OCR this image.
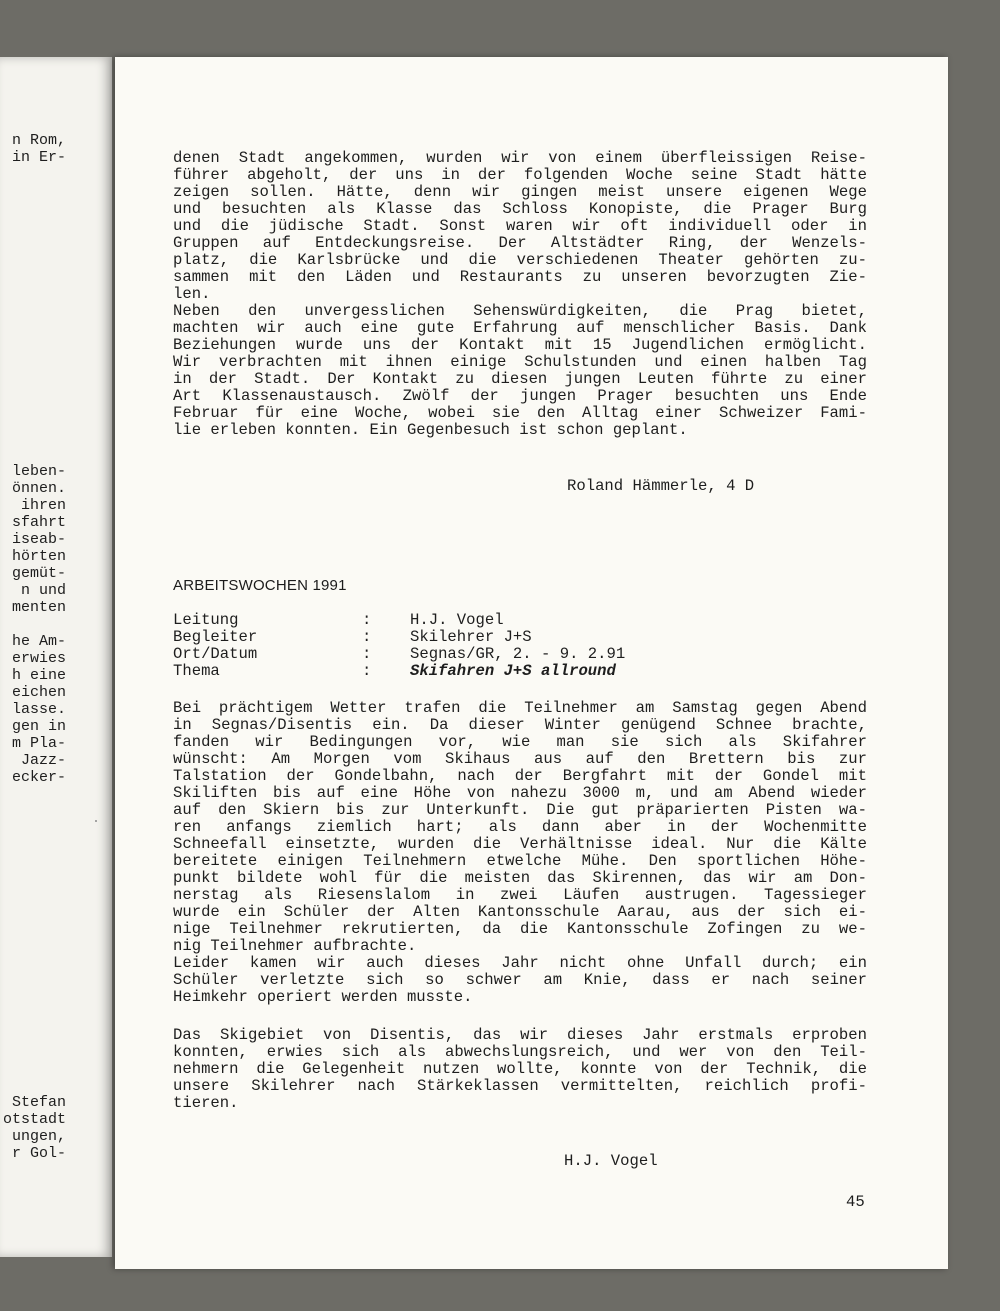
n Rom,
in Er-
leben-
önnen.
ihren
sfahrt
iseab-
hörten
gemüt-
n und
menten
he Am-
erwies
h eine
eichen
lasse.
gen in
m Pla-
Jazz-
ecker-
Stefan
otstadt
ungen,
r Gol-
denen Stadt angekommen, wurden wir von einem überfleissigen Reise-
führer abgeholt, der uns in der folgenden Woche seine Stadt hätte
zeigen sollen. Hätte, denn wir gingen meist unsere eigenen Wege
und besuchten als Klasse das Schloss Konopiste, die Prager Burg
und die jüdische Stadt. Sonst waren wir oft individuell oder in
Gruppen auf Entdeckungsreise. Der Altstädter Ring, der Wenzels-
platz, die Karlsbrücke und die verschiedenen Theater gehörten zu-
sammen mit den Läden und Restaurants zu unseren bevorzugten Zie-
len.
Neben den unvergesslichen Sehenswürdigkeiten, die Prag bietet,
machten wir auch eine gute Erfahrung auf menschlicher Basis. Dank
Beziehungen wurde uns der Kontakt mit 15 Jugendlichen ermöglicht.
Wir verbrachten mit ihnen einige Schulstunden und einen halben Tag
in der Stadt. Der Kontakt zu diesen jungen Leuten führte zu einer
Art Klassenaustausch. Zwölf der jungen Prager besuchten uns Ende
Februar für eine Woche, wobei sie den Alltag einer Schweizer Fami-
lie erleben konnten. Ein Gegenbesuch ist schon geplant.
Roland Hämmerle, 4 D
ARBEITSWOCHEN 1991
Leitung	: H.J. Vogel
Begleiter	: Skilehrer J+S
Ort/Datum	: Segnas/GR, 2. - 9. 2.91
Thema	: Skifahren J+S allround
Bei prächtigem Wetter trafen die Teilnehmer am Samstag gegen Abend
in Segnas/Disentis ein. Da dieser Winter genügend Schnee brachte,
fanden wir Bedingungen vor, wie man sie sich als Skifahrer
wünscht: Am Morgen vom Skihaus aus auf den Brettern bis zur
Talstation der Gondelbahn, nach der Bergfahrt mit der Gondel mit
Skiliften bis auf eine Höhe von nahezu 3000 m, und am Abend wieder
auf den Skiern bis zur Unterkunft. Die gut präparierten Pisten wa-
ren anfangs ziemlich hart; als dann aber in der Wochenmitte
Schneefall einsetzte, wurden die Verhältnisse ideal. Nur die Kälte
bereitete einigen Teilnehmern etwelche Mühe. Den sportlichen Höhe-
punkt bildete wohl für die meisten das Skirennen, das wir am Don-
nerstag als Riesenslalom in zwei Läufen austrugen. Tagessieger
wurde ein Schüler der Alten Kantonsschule Aarau, aus der sich ei-
nige Teilnehmer rekrutierten, da die Kantonsschule Zofingen zu we-
nig Teilnehmer aufbrachte.
Leider kamen wir auch dieses Jahr nicht ohne Unfall durch; ein
Schüler verletzte sich so schwer am Knie, dass er nach seiner
Heimkehr operiert werden musste.
Das Skigebiet von Disentis, das wir dieses Jahr erstmals erproben
konnten, erwies sich als abwechslungsreich, und wer von den Teil-
nehmern die Gelegenheit nutzen wollte, konnte von der Technik, die
unsere Skilehrer nach Stärkeklassen vermittelten, reichlich profi-
tieren.
H.J. Vogel
45
